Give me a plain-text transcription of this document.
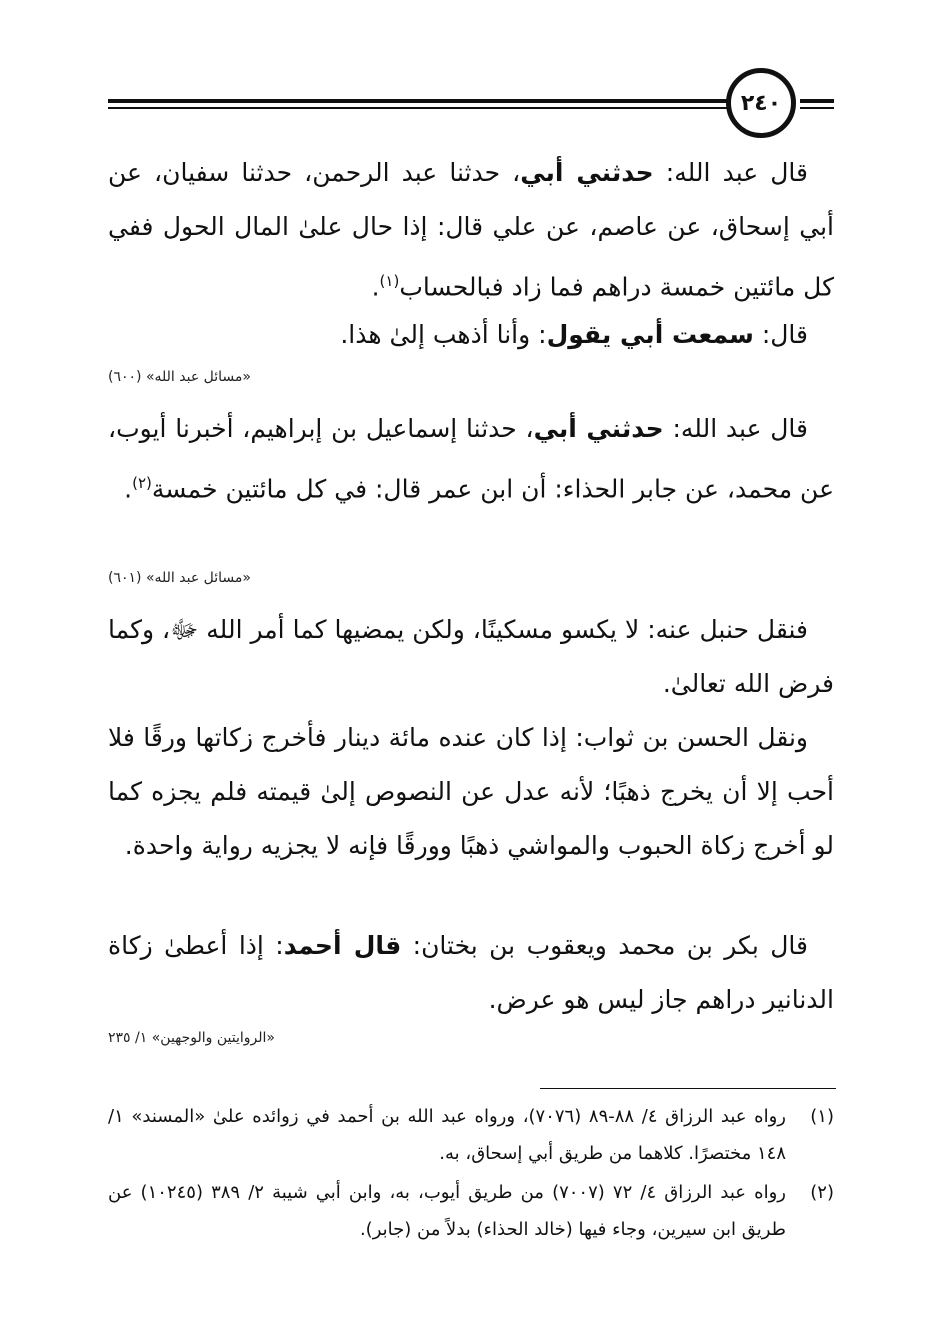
٢٤٠

قال عبد الله: حدثني أبي، حدثنا عبد الرحمن، حدثنا سفيان، عن أبي إسحاق، عن عاصم، عن علي قال: إذا حال علىٰ المال الحول ففي كل مائتين خمسة دراهم فما زاد فبالحساب$^{(١)}$.

قال: سمعت أبي يقول: وأنا أذهب إلىٰ هذا.

«مسائل عبد الله» (٦٠٠)

قال عبد الله: حدثني أبي، حدثنا إسماعيل بن إبراهيم، أخبرنا أيوب، عن محمد، عن جابر الحذاء: أن ابن عمر قال: في كل مائتين خمسة$^{(٢)}$.

«مسائل عبد الله» (٦٠١)

فنقل حنبل عنه: لا يكسو مسكينًا، ولكن يمضيها كما أمر الله ﷻ، وكما فرض الله تعالىٰ.

ونقل الحسن بن ثواب: إذا كان عنده مائة دينار فأخرج زكاتها ورقًا فلا أحب إلا أن يخرج ذهبًا؛ لأنه عدل عن النصوص إلىٰ قيمته فلم يجزه كما لو أخرج زكاة الحبوب والمواشي ذهبًا وورقًا فإنه لا يجزيه رواية واحدة.

قال بكر بن محمد ويعقوب بن بختان: قال أحمد: إذا أعطىٰ زكاة الدنانير دراهم جاز ليس هو عرض.

«الروايتين والوجهين» ١/ ٢٣٥
(١)
رواه عبد الرزاق ٤/ ٨٨-٨٩ (٧٠٧٦)، ورواه عبد الله بن أحمد في زوائده علىٰ «المسند» ١/ ١٤٨ مختصرًا. كلاهما من طريق أبي إسحاق، به.
(٢)
رواه عبد الرزاق ٤/ ٧٢ (٧٠٠٧) من طريق أيوب، به، وابن أبي شيبة ٢/ ٣٨٩ (١٠٢٤٥) عن طريق ابن سيرين، وجاء فيها (خالد الحذاء) بدلاً من (جابر).
